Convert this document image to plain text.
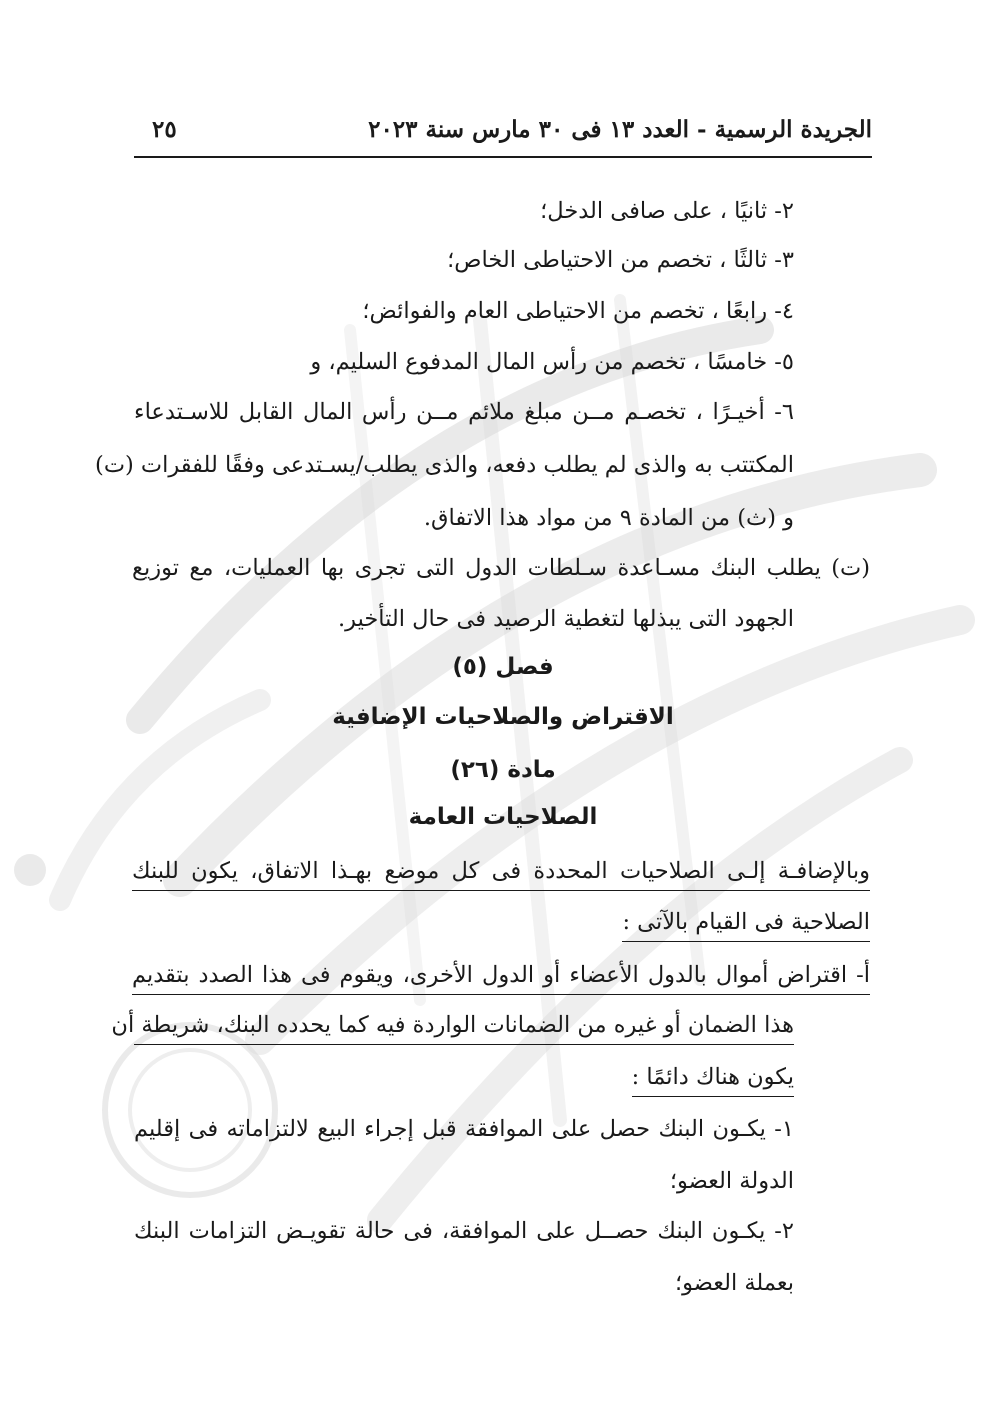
الجريدة الرسمية - العدد ١٣ فى ٣٠ مارس سنة ٢٠٢٣
٢٥
٢- ثانيًا ، على صافى الدخل؛
٣- ثالثًا ، تخصم من الاحتياطى الخاص؛
٤- رابعًا ، تخصم من الاحتياطى العام والفوائض؛
٥- خامسًا ، تخصم من رأس المال المدفوع السليم، و
٦- أخيـرًا ، تخصـم مــن مبلغ ملائم مــن رأس المال القابل للاسـتدعاء
المكتتب به والذى لم يطلب دفعه، والذى يطلب/يسـتدعى وفقًا للفقرات (ت)
و (ث) من المادة ٩ من مواد هذا الاتفاق.
(ت) يطلب البنك مسـاعدة سـلطات الدول التى تجرى بها العمليات، مع توزيع
الجهود التى يبذلها لتغطية الرصيد فى حال التأخير.
فصل (٥)
الاقتراض والصلاحيات الإضافية
مادة (٢٦)
الصلاحيات العامة
وبالإضافـة إلـى الصلاحيات المحددة فى كل موضع بهـذا الاتفاق، يكون للبنك
الصلاحية فى القيام بالآتى :
أ- اقتراض أموال بالدول الأعضاء أو الدول الأخرى، ويقوم فى هذا الصدد بتقديم
هذا الضمان أو غيره من الضمانات الواردة فيه كما يحدده البنك، شريطة أن
يكون هناك دائمًا :
١- يكـون البنك حصل على الموافقة قبل إجراء البيع لالتزاماته فى إقليم
الدولة العضو؛
٢- يكـون البنك حصــل على الموافقة، فى حالة تقويـض التزامات البنك
بعملة العضو؛
